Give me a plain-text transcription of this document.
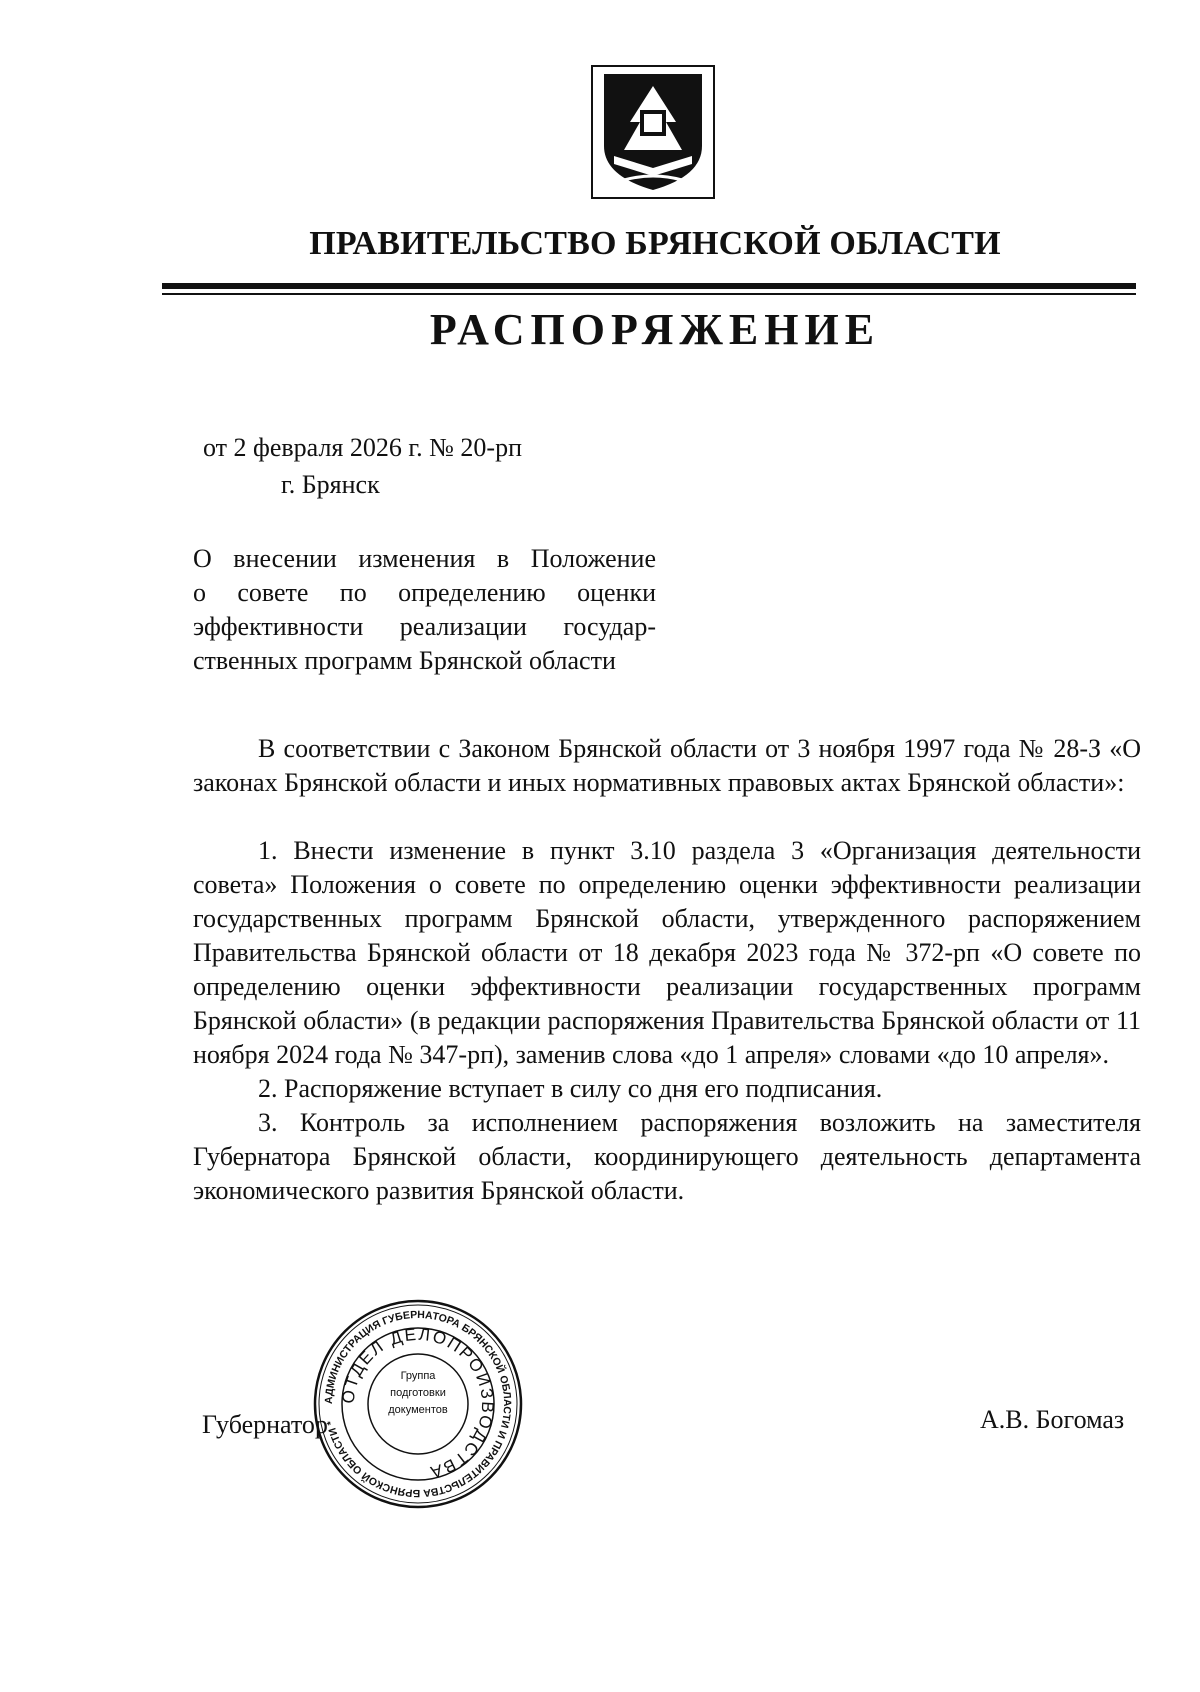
ПРАВИТЕЛЬСТВО БРЯНСКОЙ ОБЛАСТИ
РАСПОРЯЖЕНИЕ
от 2 февраля 2026 г. № 20-рп
г. Брянск
О внесении изменения в Положение
о совете по определению оценки
эффективности реализации государ-
ственных программ Брянской области

В соответствии с Законом Брянской области от 3 ноября 1997 года № 28-З «О законах Брянской области и иных нормативных правовых актах Брянской области»:

1. Внести изменение в пункт 3.10 раздела 3 «Организация деятельности совета» Положения о совете по определению оценки эффективности реализации государственных программ Брянской области, утвержденного распоряжением Правительства Брянской области от 18 декабря 2023 года № 372-рп «О совете по определению оценки эффективности реализации государственных программ Брянской области» (в редакции распоряжения Правительства Брянской области от 11 ноября 2024 года № 347-рп), заменив слова «до 1 апреля» словами «до 10 апреля».

2. Распоряжение вступает в силу со дня его подписания.

3. Контроль за исполнением распоряжения возложить на заместителя Губернатора Брянской области, координирующего деятельность департамента экономического развития Брянской области.

Губернатор	А.В. Богомаз
АДМИНИСТРАЦИЯ ГУБЕРНАТОРА БРЯНСКОЙ ОБЛАСТИ И ПРАВИТЕЛЬСТВА БРЯНСКОЙ ОБЛАСТИ *
ОТДЕЛ ДЕЛОПРОИЗВОДСТВА
Группа
подготовки
документов
